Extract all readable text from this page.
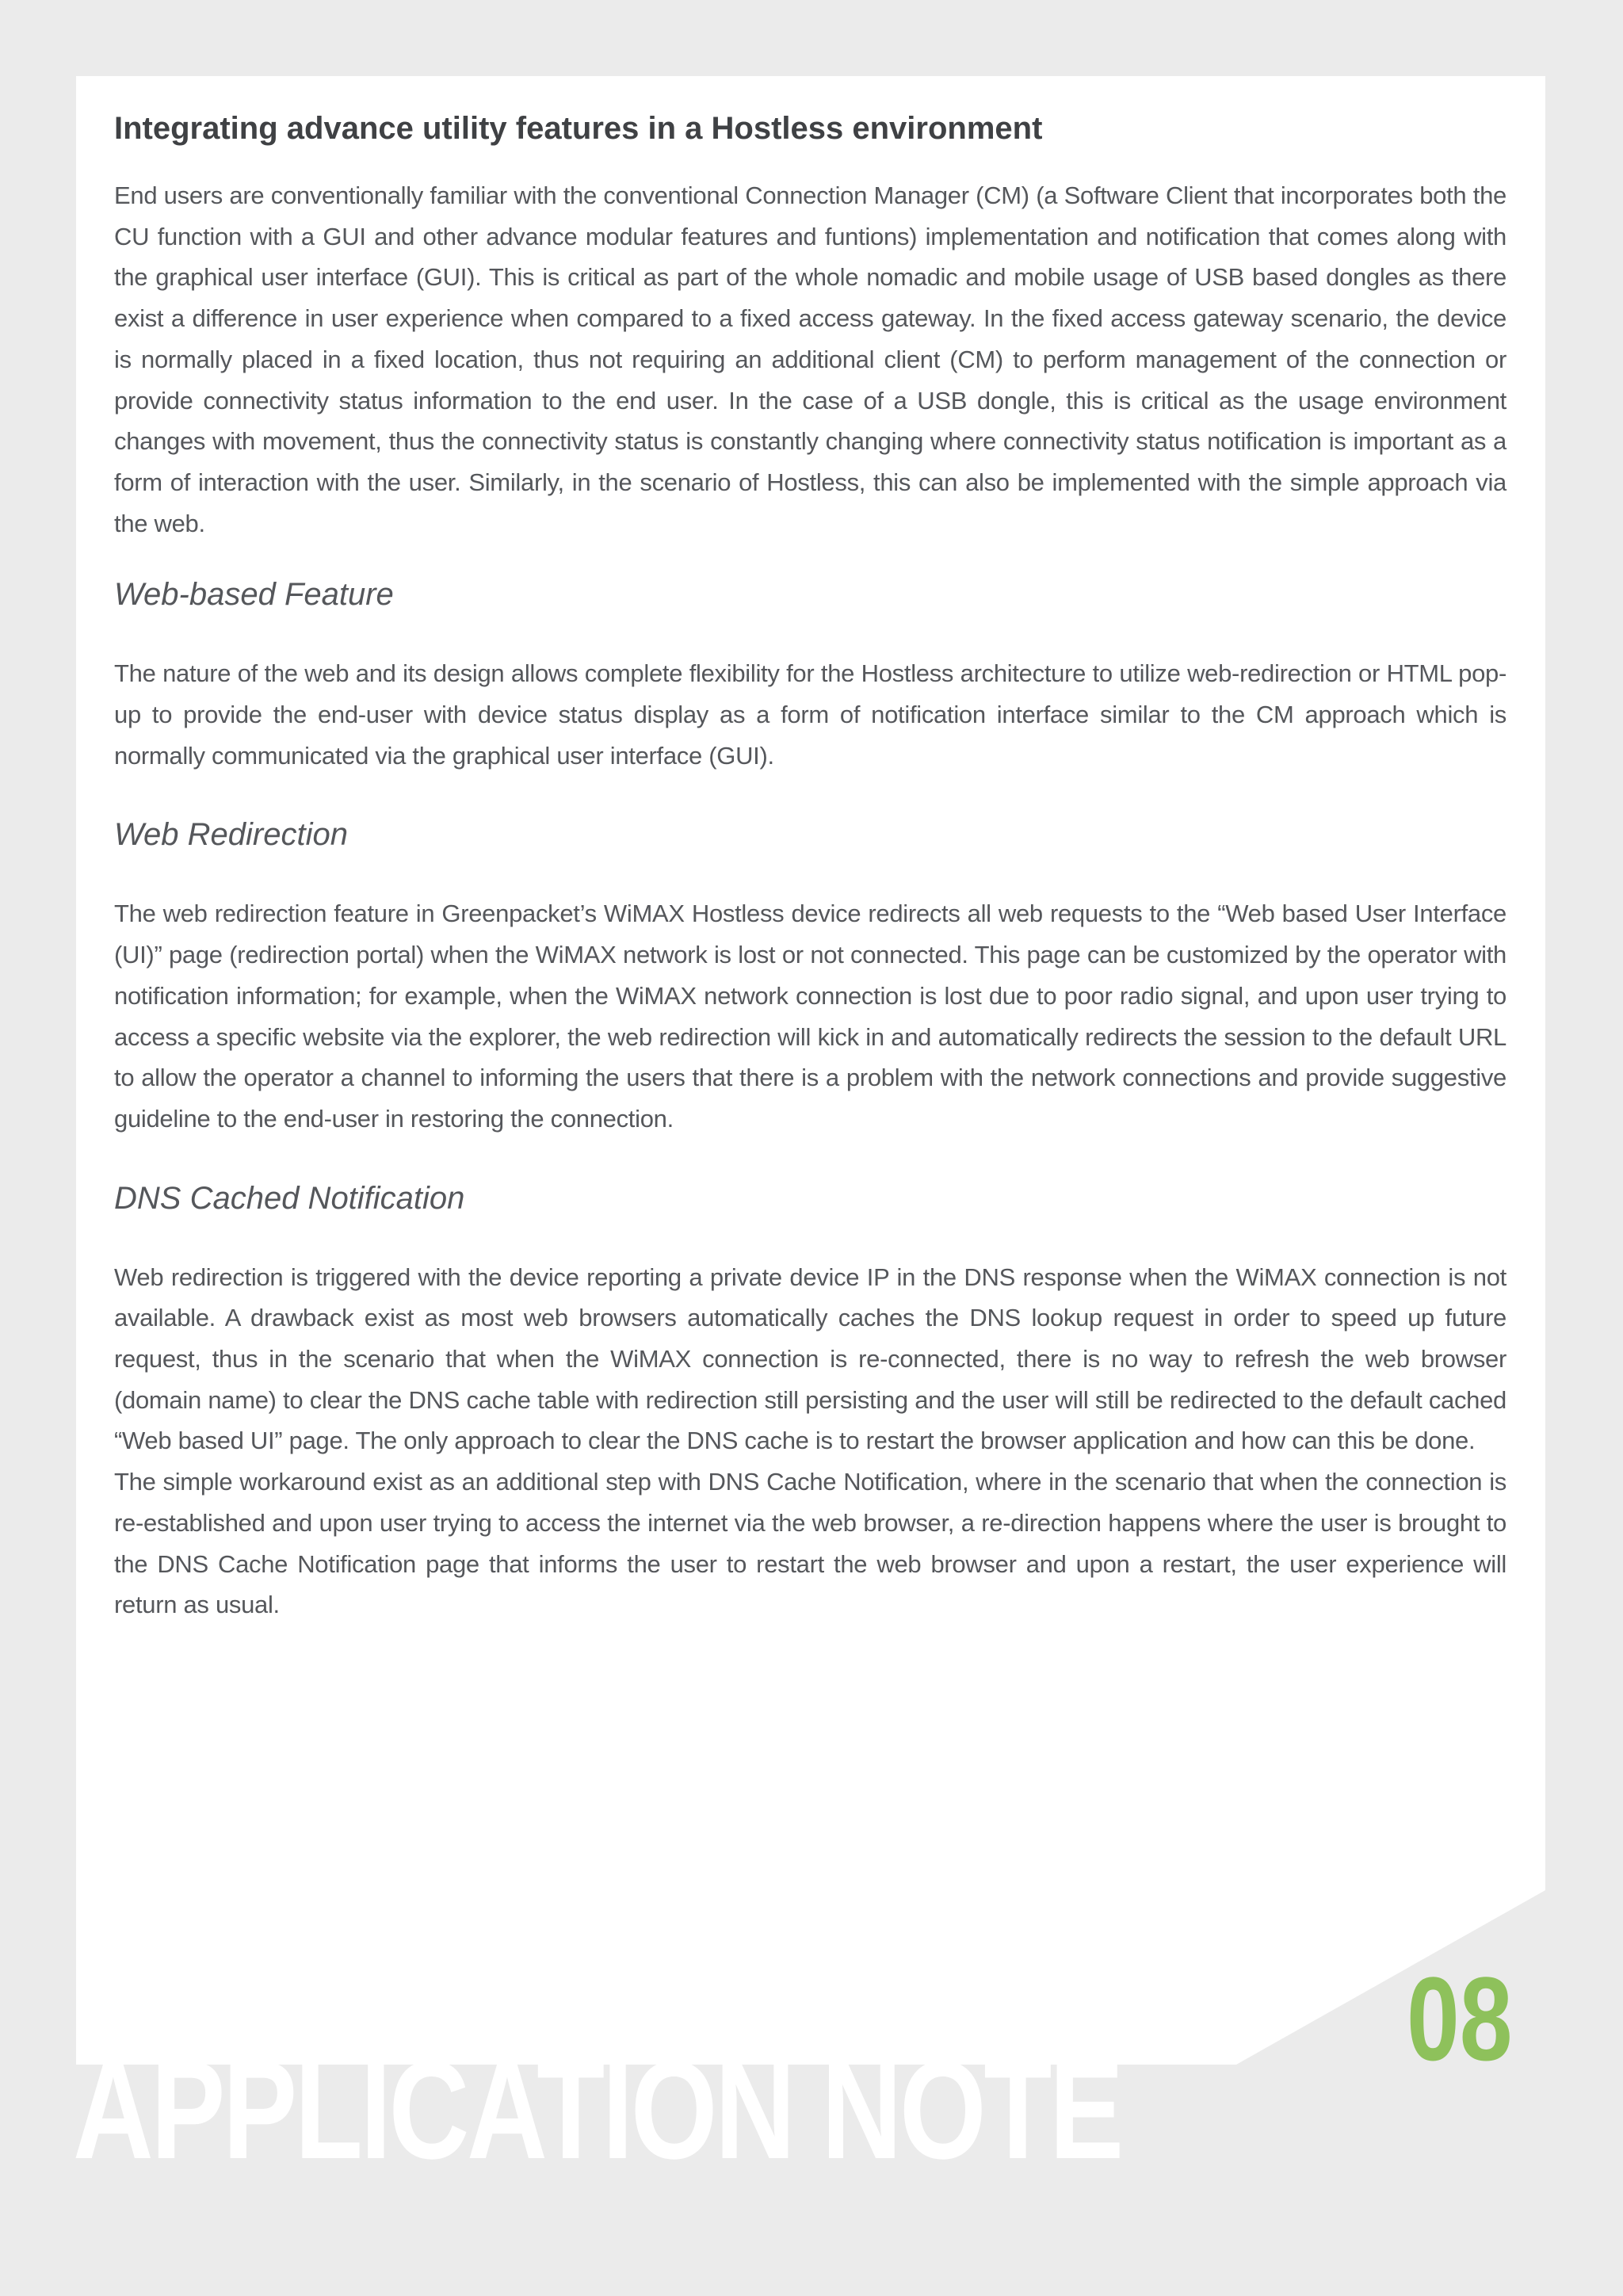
Integrating advance utility features in a Hostless environment

End users are conventionally familiar with the conventional Connection Manager (CM) (a Software Client that incorporates both the CU function with a GUI and other advance modular features and funtions) implementation and notification that comes along with the graphical user interface (GUI). This is critical as part of the whole nomadic and mobile usage of USB based dongles as there exist a difference in user experience when compared to a fixed access gateway. In the fixed access gateway scenario, the device is normally placed in a fixed location, thus not requiring an additional client (CM) to perform management of the connection or provide connectivity status information to the end user. In the case of a USB dongle, this is critical as the usage environment changes with movement, thus the connectivity status is constantly changing where connectivity status notification is important as a form of interaction with the user. Similarly, in the scenario of Hostless, this can also be implemented with the simple approach via the web.

Web-based Feature

The nature of the web and its design allows complete flexibility for the Hostless architecture to utilize web-redirection or HTML pop-up to provide the end-user with device status display as a form of notification interface similar to the CM approach which is normally communicated via the graphical user interface (GUI).

Web Redirection

The web redirection feature in Greenpacket’s WiMAX Hostless device redirects all web requests to the “Web based User Interface (UI)” page (redirection portal) when the WiMAX network is lost or not connected. This page can be customized by the operator with notification information; for example, when the WiMAX network connection is lost due to poor radio signal, and upon user trying to access a specific website via the explorer, the web redirection will kick in and automatically redirects the session to the default URL to allow the operator a channel to informing the users that there is a problem with the network connections and provide suggestive guideline to the end-user in restoring the connection.

DNS Cached Notification

Web redirection is triggered with the device reporting a private device IP in the DNS response when the WiMAX connection is not available. A drawback exist as most web browsers automatically caches the DNS lookup request in order to speed up future request, thus in the scenario that when the WiMAX connection is re-connected, there is no way to refresh the web browser (domain name) to clear the DNS cache table with redirection still persisting and the user will still be redirected to the default cached “Web based UI” page. The only approach to clear the DNS cache is to restart the browser application and how can this be done.

The simple workaround exist as an additional step with DNS Cache Notification, where in the scenario that when the connection is re-established and upon user trying to access the internet via the web browser, a re-direction happens where the user is brought to the DNS Cache Notification page that informs the user to restart the web browser and upon a restart, the user experience will return as usual.

08
APPLICATION NOTE
